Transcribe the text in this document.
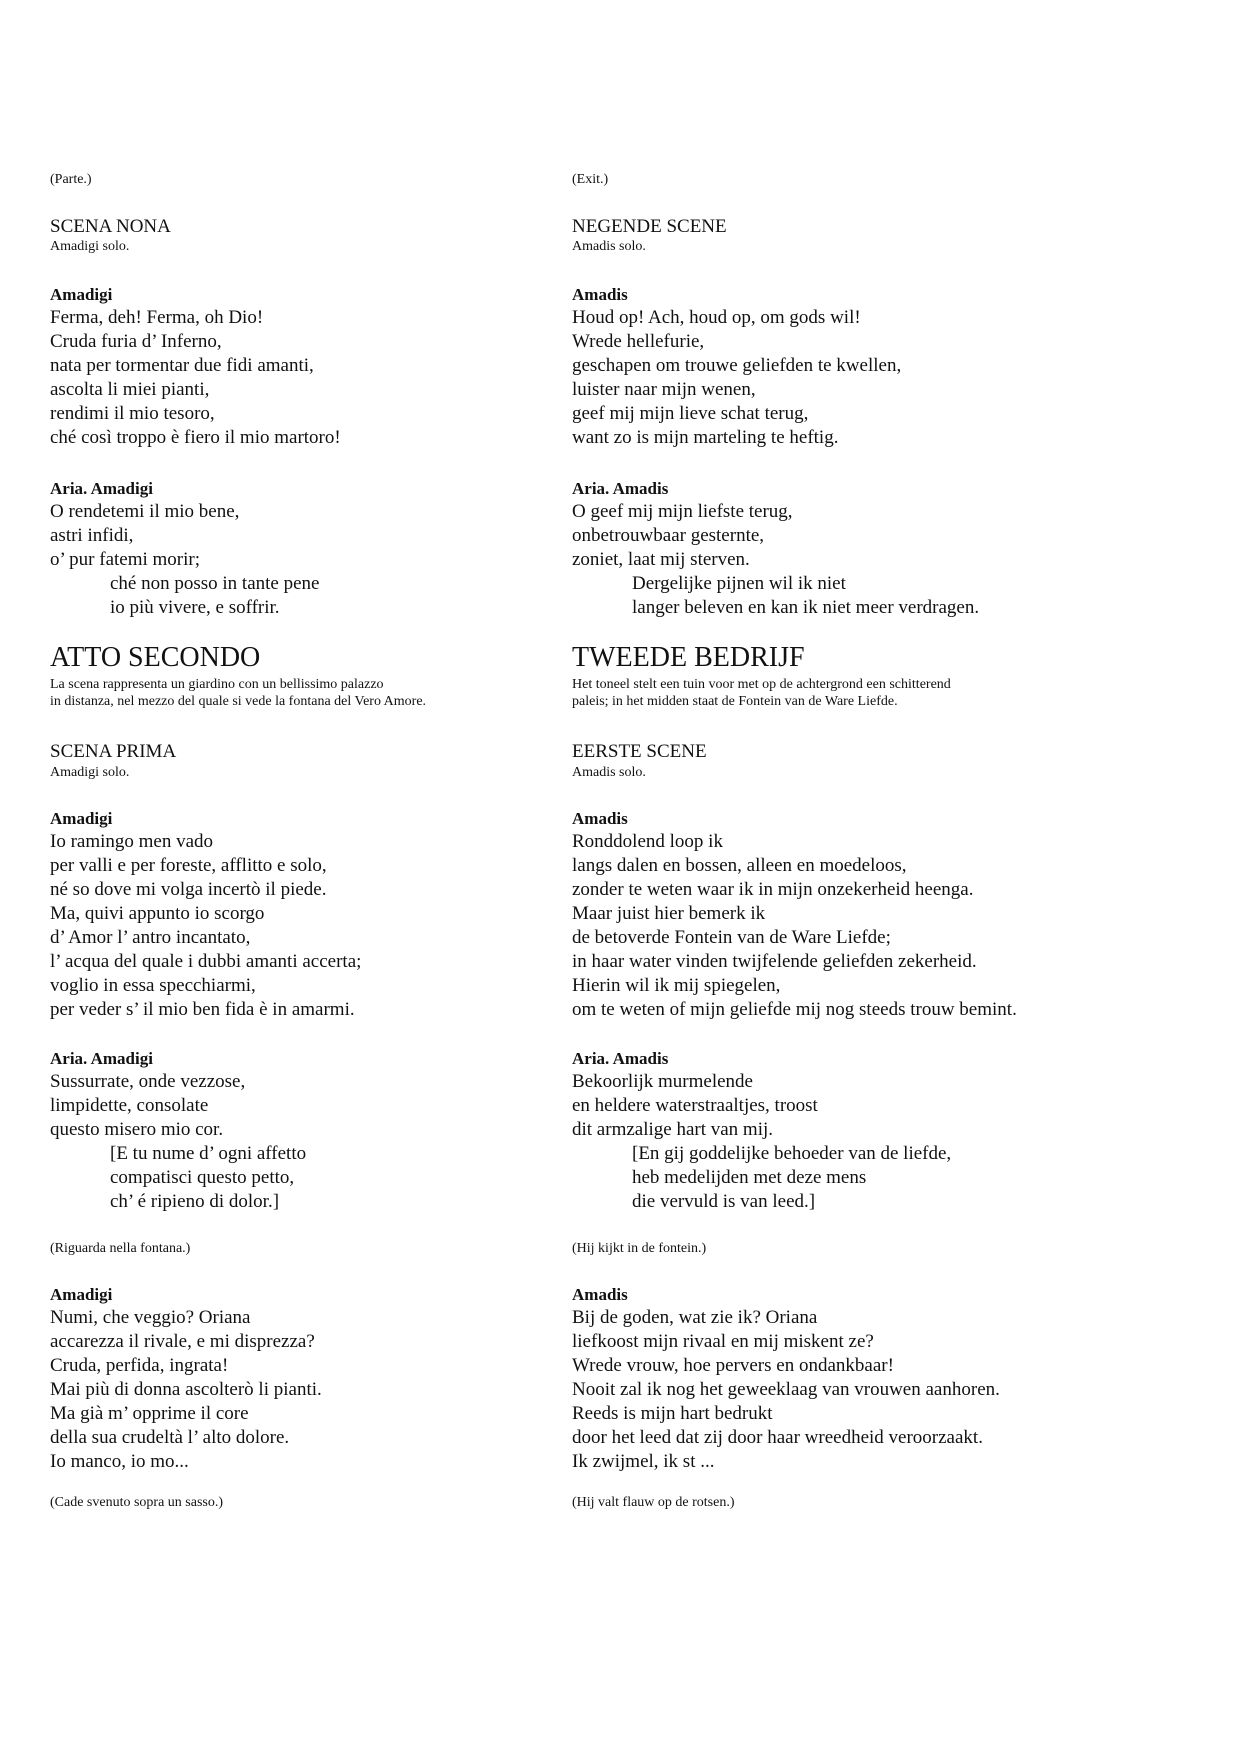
(Parte.)
SCENA NONA
Amadigi solo.
Amadigi
Ferma, deh! Ferma, oh Dio!
Cruda furia d’ Inferno,
nata per tormentar due fidi amanti,
ascolta li miei pianti,
rendimi il mio tesoro,
ché così troppo è fiero il mio martoro!
Aria. Amadigi
O rendetemi il mio bene,
astri infidi,
o’ pur fatemi morir;
ché non posso in tante pene
io più vivere, e soffrir.
ATTO SECONDO
La scena rappresenta un giardino con un bellissimo palazzo
in distanza, nel mezzo del quale si vede la fontana del Vero Amore.
SCENA PRIMA
Amadigi solo.
Amadigi
Io ramingo men vado
per valli e per foreste, afflitto e solo,
né so dove mi volga incertò il piede.
Ma, quivi appunto io scorgo
d’ Amor l’ antro incantato,
l’ acqua del quale i dubbi amanti accerta;
voglio in essa specchiarmi,
per veder s’ il mio ben fida è in amarmi.
Aria. Amadigi
Sussurrate, onde vezzose,
limpidette, consolate
questo misero mio cor.
[E tu nume d’ ogni affetto
compatisci questo petto,
ch’ é ripieno di dolor.]
(Riguarda nella fontana.)
Amadigi
Numi, che veggio? Oriana
accarezza il rivale, e mi disprezza?
Cruda, perfida, ingrata!
Mai più di donna ascolterò li pianti.
Ma già m’ opprime il core
della sua crudeltà l’ alto dolore.
Io manco, io mo...
(Cade svenuto sopra un sasso.)
(Exit.)
NEGENDE SCENE
Amadis solo.
Amadis
Houd op! Ach, houd op, om gods wil!
Wrede hellefurie,
geschapen om trouwe geliefden te kwellen,
luister naar mijn wenen,
geef mij mijn lieve schat terug,
want zo is mijn marteling te heftig.
Aria. Amadis
O geef mij mijn liefste terug,
onbetrouwbaar gesternte,
zoniet, laat mij sterven.
Dergelijke pijnen wil ik niet
langer beleven en kan ik niet meer verdragen.
TWEEDE BEDRIJF
Het toneel stelt een tuin voor met op de achtergrond een schitterend
paleis; in het midden staat de Fontein van de Ware Liefde.
EERSTE SCENE
Amadis solo.
Amadis
Ronddolend loop ik
langs dalen en bossen, alleen en moedeloos,
zonder te weten waar ik in mijn onzekerheid heenga.
Maar juist hier bemerk ik
de betoverde Fontein van de Ware Liefde;
in haar water vinden twijfelende geliefden zekerheid.
Hierin wil ik mij spiegelen,
om te weten of mijn geliefde mij nog steeds trouw bemint.
Aria. Amadis
Bekoorlijk murmelende
en heldere waterstraaltjes, troost
dit armzalige hart van mij.
[En gij goddelijke behoeder van de liefde,
heb medelijden met deze mens
die vervuld is van leed.]
(Hij kijkt in de fontein.)
Amadis
Bij de goden, wat zie ik? Oriana
liefkoost mijn rivaal en mij miskent ze?
Wrede vrouw, hoe pervers en ondankbaar!
Nooit zal ik nog het geweeklaag van vrouwen aanhoren.
Reeds is mijn hart bedrukt
door het leed dat zij door haar wreedheid veroorzaakt.
Ik zwijmel, ik st ...
(Hij valt flauw op de rotsen.)
